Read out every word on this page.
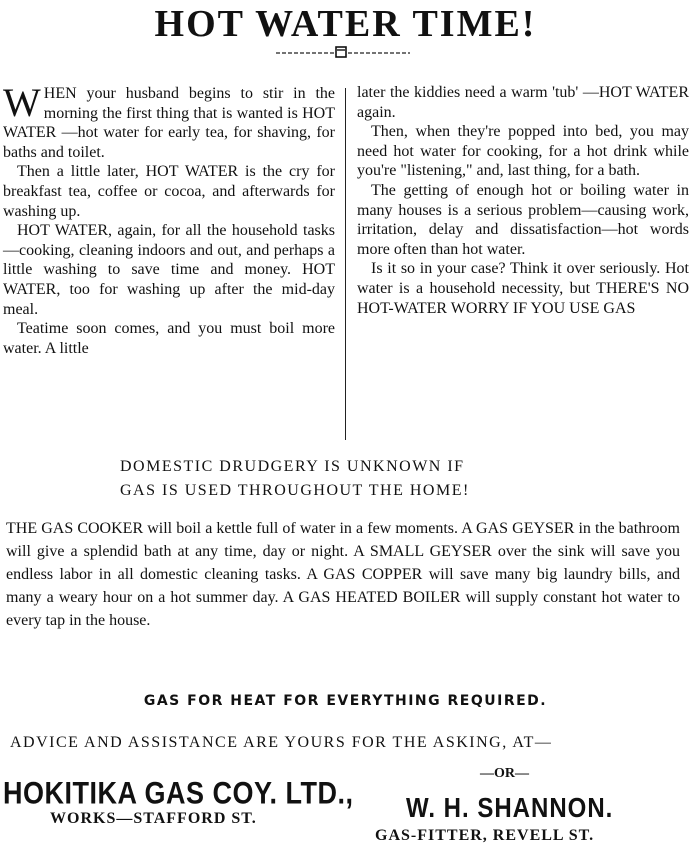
HOT WATER TIME!

WHEN your husband begins to stir in the morning the first thing that is wanted is HOT WATER —hot water for early tea, for shaving, for baths and toilet.

Then a little later, HOT WATER is the cry for breakfast tea, coffee or cocoa, and afterwards for washing up.

HOT WATER, again, for all the household tasks—cooking, cleaning indoors and out, and perhaps a little washing to save time and money. HOT WATER, too for washing up after the mid-day meal.

Teatime soon comes, and you must boil more water. A little

later the kiddies need a warm 'tub' —HOT WATER again.

Then, when they're popped into bed, you may need hot water for cooking, for a hot drink while you're "listening," and, last thing, for a bath.

The getting of enough hot or boiling water in many houses is a serious problem—causing work, irritation, delay and dissatisfaction—hot words more often than hot water.

Is it so in your case? Think it over seriously. Hot water is a household necessity, but THERE'S NO HOT-WATER WORRY IF YOU USE GAS

DOMESTIC DRUDGERY IS UNKNOWN IF
GAS IS USED THROUGHOUT THE HOME!
THE GAS COOKER will boil a kettle full of water in a few moments. A GAS GEYSER in the bathroom will give a splendid bath at any time, day or night. A SMALL GEYSER over the sink will save you endless labor in all domestic cleaning tasks. A GAS COPPER will save many big laundry bills, and many a weary hour on a hot summer day. A GAS HEATED BOILER will supply constant hot water to every tap in the house.
GAS FOR HEAT FOR EVERYTHING REQUIRED.
ADVICE AND ASSISTANCE ARE YOURS FOR THE ASKING, AT—
HOKITIKA GAS COY. LTD.,
WORKS—STAFFORD ST.
—OR—
W. H. SHANNON.
GAS-FITTER, REVELL ST.
